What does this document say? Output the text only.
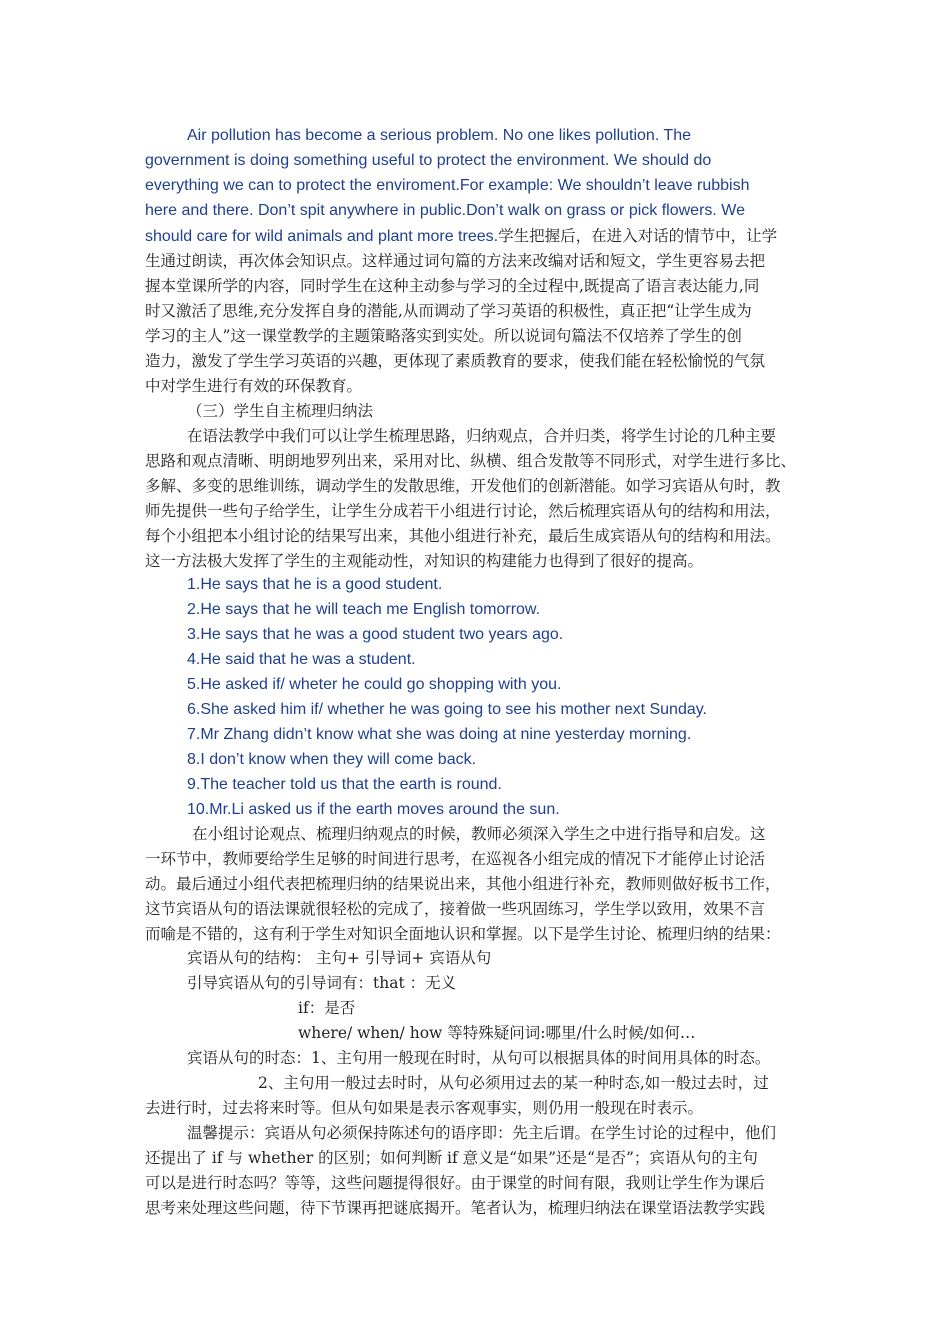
Air pollution has become a serious problem. No one likes pollution. The
government is doing something useful to protect the environment. We should do
everything we can to protect the enviroment.For example: We shouldn’t leave rubbish
here and there. Don’t spit anywhere in public.Don’t walk on grass or pick flowers. We
should care for wild animals and plant more trees.学生把握后，在进入对话的情节中，让学
生通过朗读，再次体会知识点。这样通过词句篇的方法来改编对话和短文，学生更容易去把
握本堂课所学的内容，同时学生在这种主动参与学习的全过程中,既提高了语言表达能力,同
时又激活了思维,充分发挥自身的潜能,从而调动了学习英语的积极性，真正把“让学生成为
学习的主人”这一课堂教学的主题策略落实到实处。所以说词句篇法不仅培养了学生的创
造力，激发了学生学习英语的兴趣，更体现了素质教育的要求，使我们能在轻松愉悦的气氛
中对学生进行有效的环保教育。
（三）学生自主梳理归纳法
在语法教学中我们可以让学生梳理思路，归纳观点，合并归类，将学生讨论的几种主要
思路和观点清晰、明朗地罗列出来，采用对比、纵横、组合发散等不同形式，对学生进行多比、
多解、多变的思维训练，调动学生的发散思维，开发他们的创新潜能。如学习宾语从句时，教
师先提供一些句子给学生，让学生分成若干小组进行讨论，然后梳理宾语从句的结构和用法，
每个小组把本小组讨论的结果写出来，其他小组进行补充，最后生成宾语从句的结构和用法。
这一方法极大发挥了学生的主观能动性，对知识的构建能力也得到了很好的提高。
1.He says that he is a good student.
2.He says that he will teach me English tomorrow.
3.He says that he was a good student two years ago.
4.He said that he was a student.
5.He asked if/ wheter he could go shopping with you.
6.She asked him if/ whether he was going to see his mother next Sunday.
7.Mr Zhang didn’t know what she was doing at nine yesterday morning.
8.I don’t know when they will come back.
9.The teacher told us that the earth is round.
10.Mr.Li asked us if the earth moves around the sun.
在小组讨论观点、梳理归纳观点的时候，教师必须深入学生之中进行指导和启发。这
一环节中，教师要给学生足够的时间进行思考，在巡视各小组完成的情况下才能停止讨论活
动。最后通过小组代表把梳理归纳的结果说出来，其他小组进行补充，教师则做好板书工作，
这节宾语从句的语法课就很轻松的完成了，接着做一些巩固练习，学生学以致用，效果不言
而喻是不错的，这有利于学生对知识全面地认识和掌握。以下是学生讨论、梳理归纳的结果：
宾语从句的结构： 主句+ 引导词+ 宾语从句
引导宾语从句的引导词有：that ：无义
if：是否
where/ when/ how 等特殊疑问词:哪里/什么时候/如何…
宾语从句的时态：1、主句用一般现在时时，从句可以根据具体的时间用具体的时态。
2、主句用一般过去时时，从句必须用过去的某一种时态,如一般过去时，过
去进行时，过去将来时等。但从句如果是表示客观事实，则仍用一般现在时表示。
温馨提示：宾语从句必须保持陈述句的语序即：先主后谓。在学生讨论的过程中，他们
还提出了 if 与 whether 的区别；如何判断 if 意义是“如果”还是“是否”；宾语从句的主句
可以是进行时态吗？等等，这些问题提得很好。由于课堂的时间有限，我则让学生作为课后
思考来处理这些问题，待下节课再把谜底揭开。笔者认为，梳理归纳法在课堂语法教学实践
